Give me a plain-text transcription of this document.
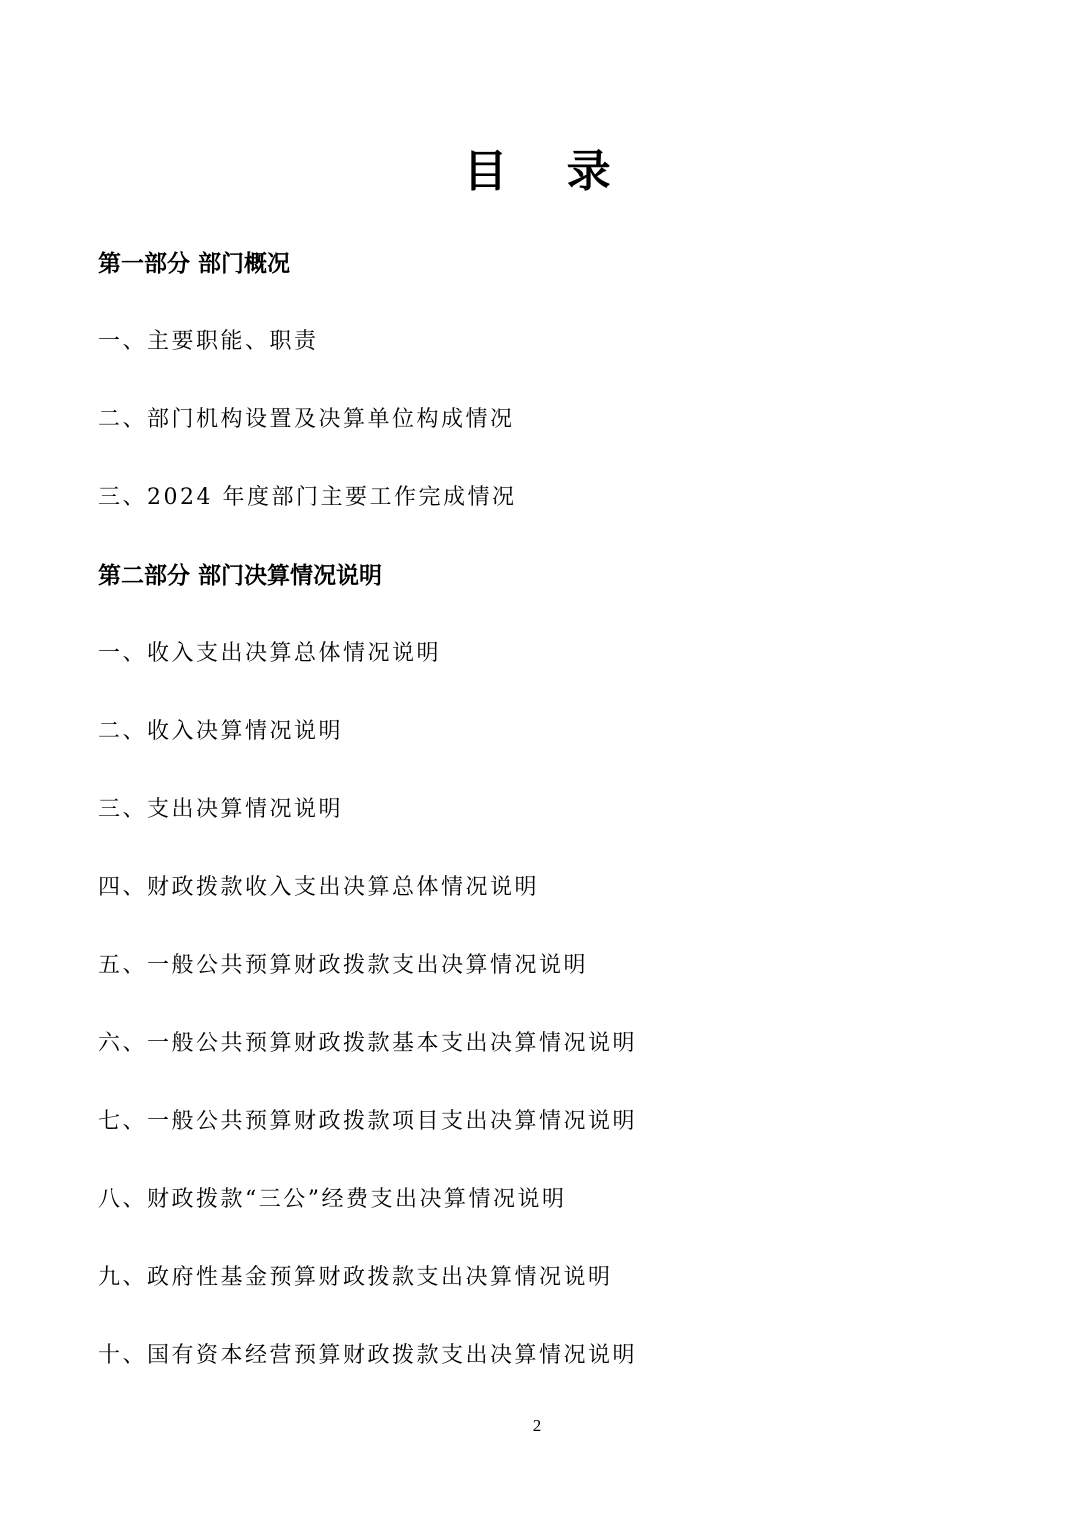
目 录
第一部分 部门概况
一、主要职能、职责
二、部门机构设置及决算单位构成情况
三、2024 年度部门主要工作完成情况
第二部分 部门决算情况说明
一、收入支出决算总体情况说明
二、收入决算情况说明
三、支出决算情况说明
四、财政拨款收入支出决算总体情况说明
五、一般公共预算财政拨款支出决算情况说明
六、一般公共预算财政拨款基本支出决算情况说明
七、一般公共预算财政拨款项目支出决算情况说明
八、财政拨款“三公”经费支出决算情况说明
九、政府性基金预算财政拨款支出决算情况说明
十、国有资本经营预算财政拨款支出决算情况说明
2
